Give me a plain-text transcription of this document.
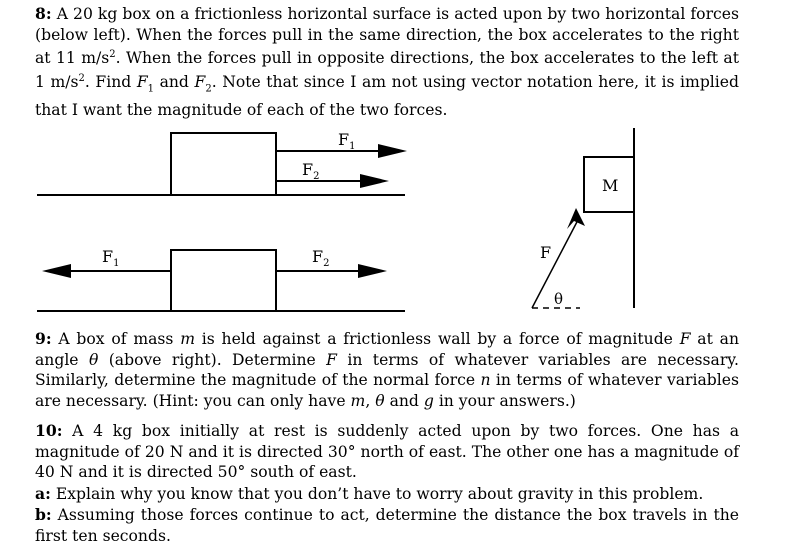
8: A 20 kg box on a frictionless horizontal surface is acted upon by two horizontal forces (below left). When the forces pull in the same direction, the box accelerates to the right at 11 $m/s^2$. When the forces pull in opposite directions, the box accelerates to the left at 1 $m/s^2$. Find $F_1$ and $F_2$. Note that since I am not using vector notation here, it is implied that I want the magnitude of each of the two forces.

$F_1$
$F_2$
$F_1$	$F_2$
M
F
θ

9: A box of mass m is held against a frictionless wall by a force of magnitude F at an angle θ (above right). Determine F in terms of whatever variables are necessary. Similarly, determine the magnitude of the normal force n in terms of whatever variables are necessary. (Hint: you can only have m, θ and g in your answers.)

10: A 4 kg box initially at rest is suddenly acted upon by two forces. One has a magnitude of 20 N and it is directed 30° north of east. The other one has a magnitude of 40 N and it is directed 50° south of east.

a: Explain why you know that you don’t have to worry about gravity in this problem.

b: Assuming those forces continue to act, determine the distance the box travels in the first ten seconds.
